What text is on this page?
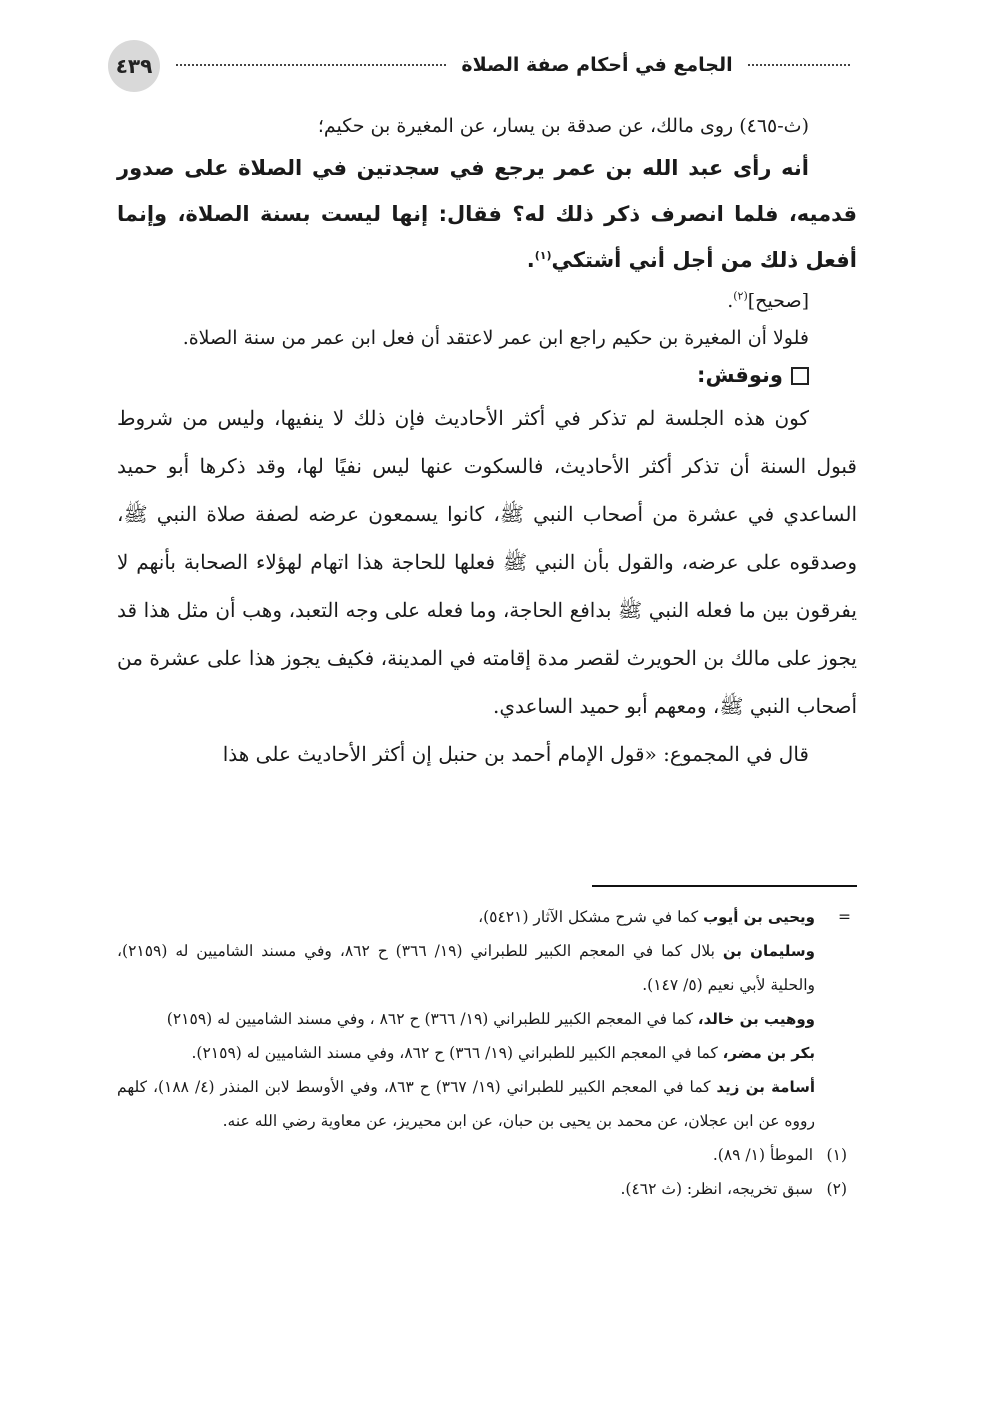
٤٣٩	الجامع في أحكام صفة الصلاة

(ث-٤٦٥) روى مالك، عن صدقة بن يسار، عن المغيرة بن حكيم؛

أنه رأى عبد الله بن عمر يرجع في سجدتين في الصلاة على صدور قدميه، فلما انصرف ذكر ذلك له؟ فقال: إنها ليست بسنة الصلاة، وإنما أفعل ذلك من أجل أني أشتكي$^{(١)}$.

[صحيح]$^{(٢)}$.

فلولا أن المغيرة بن حكيم راجع ابن عمر لاعتقد أن فعل ابن عمر من سنة الصلاة.

ونوقش:

كون هذه الجلسة لم تذكر في أكثر الأحاديث فإن ذلك لا ينفيها، وليس من شروط قبول السنة أن تذكر أكثر الأحاديث، فالسكوت عنها ليس نفيًا لها، وقد ذكرها أبو حميد الساعدي في عشرة من أصحاب النبي ﷺ، كانوا يسمعون عرضه لصفة صلاة النبي ﷺ، وصدقوه على عرضه، والقول بأن النبي ﷺ فعلها للحاجة هذا اتهام لهؤلاء الصحابة بأنهم لا يفرقون بين ما فعله النبي ﷺ بدافع الحاجة، وما فعله على وجه التعبد، وهب أن مثل هذا قد يجوز على مالك بن الحويرث لقصر مدة إقامته في المدينة، فكيف يجوز هذا على عشرة من أصحاب النبي ﷺ، ومعهم أبو حميد الساعدي.

قال في المجموع: «قول الإمام أحمد بن حنبل إن أكثر الأحاديث على هذا

=

ويحيى بن أيوب كما في شرح مشكل الآثار (٥٤٢١)،

وسليمان بن بلال كما في المعجم الكبير للطبراني (١٩/ ٣٦٦) ح ٨٦٢، وفي مسند الشاميين له (٢١٥٩)، والحلية لأبي نعيم (٥/ ١٤٧).

ووهيب بن خالد، كما في المعجم الكبير للطبراني (١٩/ ٣٦٦) ح ٨٦٢ ، وفي مسند الشاميين له (٢١٥٩)

بكر بن مضر، كما في المعجم الكبير للطبراني (١٩/ ٣٦٦) ح ٨٦٢، وفي مسند الشاميين له (٢١٥٩).

أسامة بن زيد كما في المعجم الكبير للطبراني (١٩/ ٣٦٧) ح ٨٦٣، وفي الأوسط لابن المنذر (٤/ ١٨٨)، كلهم رووه عن ابن عجلان، عن محمد بن يحيى بن حبان، عن ابن محيريز، عن معاوية رضي الله عنه.

(١)الموطأ (١/ ٨٩).

(٢)سبق تخريجه، انظر: (ث ٤٦٢).
